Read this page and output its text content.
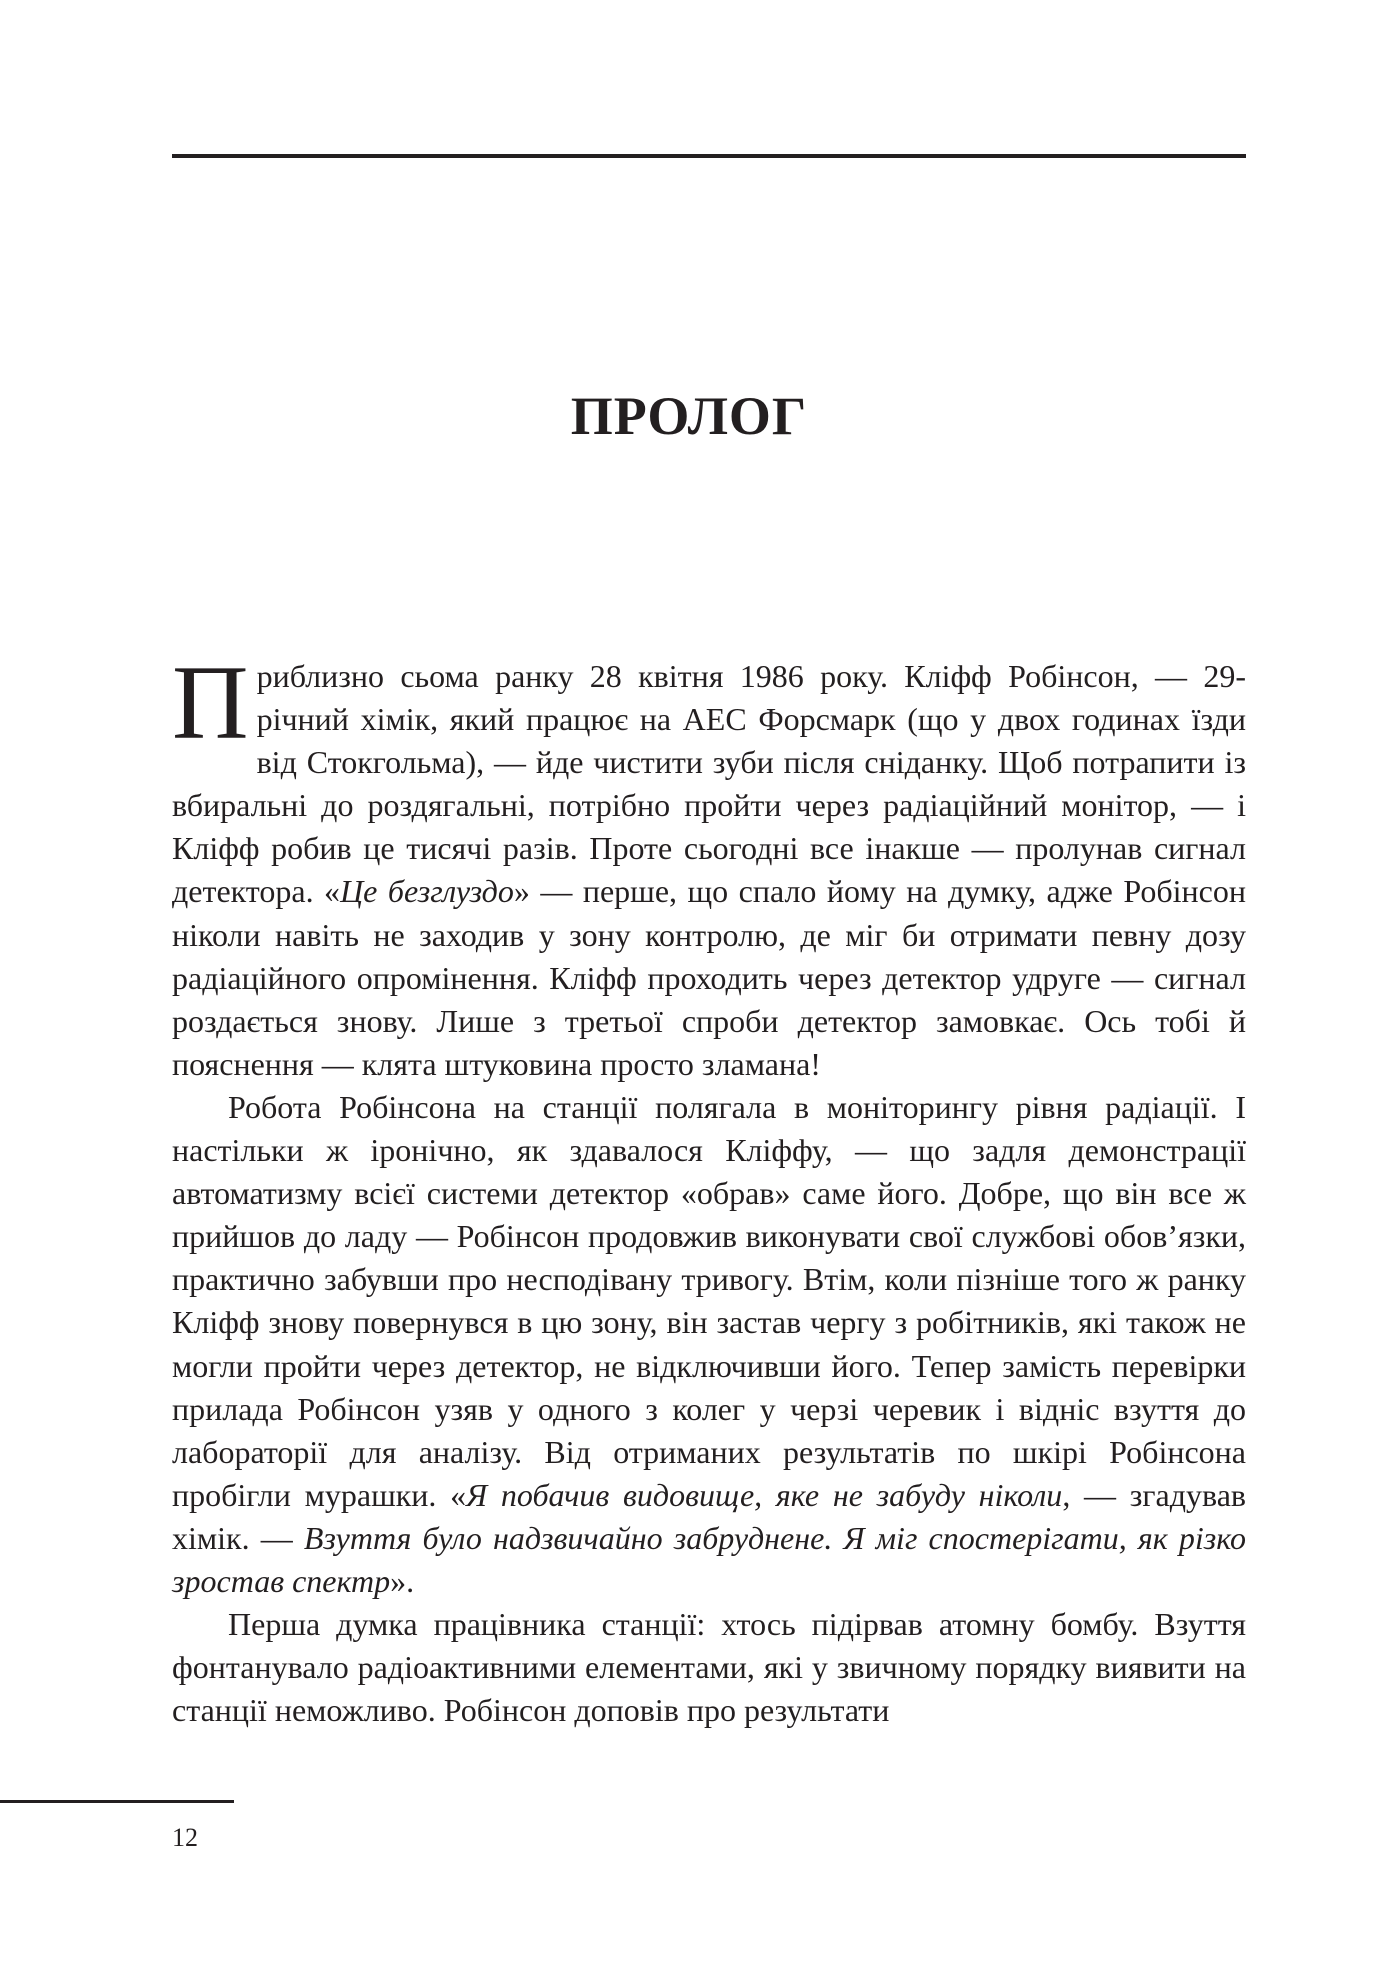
ПРОЛОГ

Приблизно сьома ранку 28 квітня 1986 року. Кліфф Робінсон, — 29-річний хімік, який працює на АЕС Форсмарк (що у двох годинах їзди від Стокгольма), — йде чистити зуби після сніданку. Щоб потрапити із вбиральні до роздягальні, потрібно пройти через радіаційний монітор, — і Кліфф робив це тисячі разів. Проте сьогодні все інакше — пролунав сигнал детектора. «Це безглуздо» — перше, що спало йому на думку, адже Робінсон ніколи навіть не заходив у зону контролю, де міг би отримати певну дозу радіаційного опромінення. Кліфф проходить через детектор удруге — сигнал роздається знову. Лише з третьої спроби детектор замовкає. Ось тобі й пояснення — клята штуковина просто зламана!

Робота Робінсона на станції полягала в моніторингу рівня радіації. І настільки ж іронічно, як здавалося Кліффу, — що задля демонстрації автоматизму всієї системи детектор «обрав» саме його. Добре, що він все ж прийшов до ладу — Робінсон продовжив виконувати свої службові обов’язки, практично забувши про несподівану тривогу. Втім, коли пізніше того ж ранку Кліфф знову повернувся в цю зону, він застав чергу з робітників, які також не могли пройти через детектор, не відключивши його. Тепер замість перевірки прилада Робінсон узяв у одного з колег у черзі черевик і відніс взуття до лабораторії для аналізу. Від отриманих результатів по шкірі Робінсона пробігли мурашки. «Я побачив видовище, яке не забуду ніколи, — згадував хімік. — Взуття було надзвичайно забруднене. Я міг спостерігати, як різко зростав спектр».

Перша думка працівника станції: хтось підірвав атомну бомбу. Взуття фонтанувало радіоактивними елементами, які у звичному порядку виявити на станції неможливо. Робінсон доповів про результати

12
